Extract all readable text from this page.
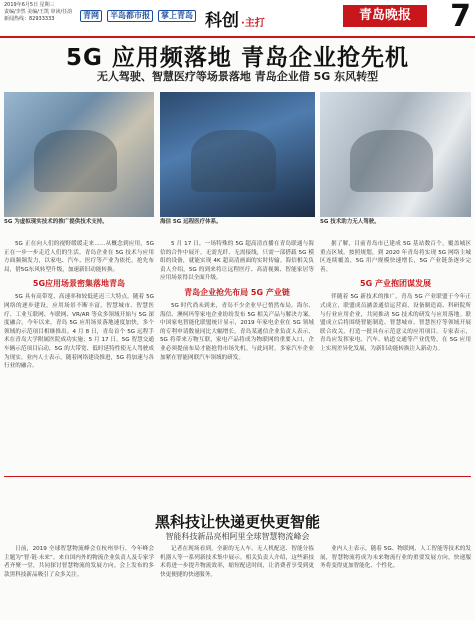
2019年6月5日 星期三
责编/李然 美编/王凯 审读/任韵
新闻热线：82933333	青网	半岛都市报	掌上青岛 科创 ·主打
青岛晚报	7
5G 应用频落地 青岛企业抢先机
无人驾驶、智慧医疗等场景落地 青岛企业借 5G 东风转型
5G 为虚拟现实技术的推广提供技术支持。	海信 5G 远程医疗体系。	5G 技术助力无人驾驶。

5G 正在向人们的视野缓缓走来……从概念到应用，5G正在一步一步走近人们的生活。青岛企业在 5G 技术与应用方面频频发力，以家电、汽车、医疗等产业为依托，抢先布局，借5G东风转型升级，加速新旧动能转换。

5G应用场景密集落地青岛

5G 具有高带宽、高速率和较低延迟三大特点。随着 5G 网络的逐步建设，应用场景不断丰富，智慧城市、智慧医疗、工业互联网、车联网、VR/AR 等众多领域开始与 5G 深度融合。今年以来，青岛 5G 应用场景落地速度加快，多个领域的示范项目相继推出。4 月 8 日，青岛首个 5G 远程手术在青岛大学附属医院成功实施；5 月 17 日，5G 智慧交通车辆示范项目启动，5G 的大带宽、低时延特性使无人驾驶成为现实。业内人士表示，随着网络建设推进，5G 将加速与各行业的融合。

5 月 17 日，一场特殊的 5G 超高清直播在青岛联通与海信的合作中展开。无需光纤、无需接线，只需一部搭载 5G 模组的设备，就能实现 4K 超高清画面的实时传输。海信相关负责人介绍，5G 的到来将让远程医疗、高清视频、智能家居等应用场景得以全面升级。

青岛企业抢先布局 5G 产业链

5G 时代尚未到来，青岛不少企业早已悄然布局。海尔、海信、澳柯玛等家电企业纷纷发布 5G 相关产品与解决方案。中国家电智能化联盟统计显示，2019 年家电企业在 5G 领域的专利申请数量同比大幅增长。青岛某通信企业负责人表示，5G 将带来万物互联，家电产品将成为物联网的重要入口，企业必须提前布局才能抢得市场先机。与此同时，多家汽车企业加紧在智能网联汽车领域的研发。

据了解，目前青岛市已建成 5G 基站数百个，覆盖城区重点区域。按照规划，到 2020 年青岛将实现 5G 网络主城区连续覆盖，5G 用户规模快速增长，5G 产业链条逐步完善。

5G 产业抱团谋发展

伴随着 5G 新技术的推广，青岛 5G 产业联盟于今年正式成立，联盟成员涵盖通信运营商、设备制造商、科研院所与行业应用企业，共同推动 5G 技术的研发与应用落地。联盟成立后将围绕智能制造、智慧城市、智慧医疗等领域开展联合攻关，打造一批具有示范意义的应用项目。专家表示，青岛应发挥家电、汽车、轨道交通等产业优势，在 5G 应用上实现差异化发展，为新旧动能转换注入新动力。

黑科技让快递更快更智能
智能科技新品亮相阿里全球智慧物流峰会

日前，2019 全球智慧物流峰会在杭州举行，今年峰会主题为“智·链·未来”。来自国内外的物流企业负责人及专家学者齐聚一堂，共同探讨智慧物流的发展方向。会上发布的多款黑科技新品吸引了众多关注。

记者在现场看到，全新的无人车、无人机配送、智能分拣机器人等一系列新技术集中展示。相关负责人介绍，这些新技术将进一步提升物流效率，缩短配送时间，让消费者享受到更快更便捷的快递服务。

业内人士表示，随着 5G、物联网、人工智能等技术的发展，智慧物流将成为未来物流行业的重要发展方向，快递服务将变得更加智能化、个性化。
